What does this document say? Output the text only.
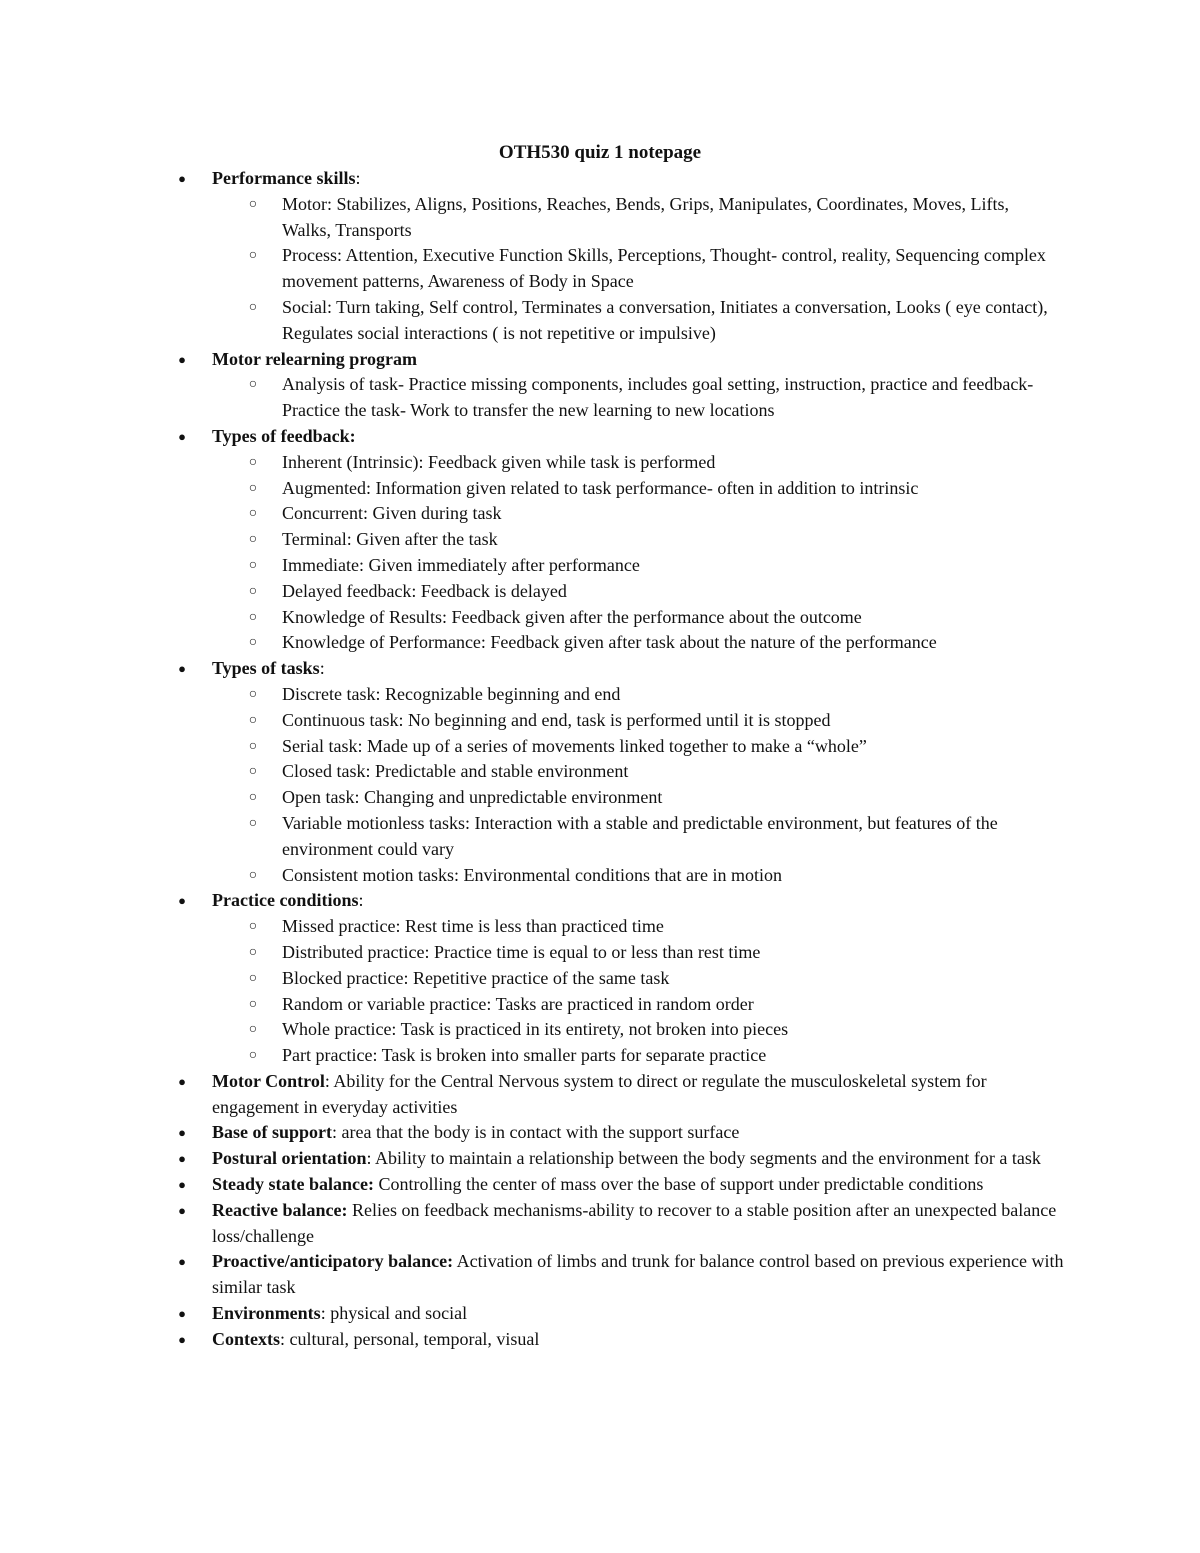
OTH530 quiz 1 notepage
● Performance skills:
○ Motor: Stabilizes, Aligns, Positions, Reaches, Bends, Grips, Manipulates, Coordinates, Moves, Lifts, Walks, Transports
○ Process: Attention, Executive Function Skills, Perceptions, Thought- control, reality, Sequencing complex movement patterns, Awareness of Body in Space
○ Social: Turn taking, Self control, Terminates a conversation, Initiates a conversation, Looks ( eye contact), Regulates social interactions ( is not repetitive or impulsive)
● Motor relearning program
○ Analysis of task- Practice missing components, includes goal setting, instruction, practice and feedback- Practice the task- Work to transfer the new learning to new locations
● Types of feedback:
○ Inherent (Intrinsic): Feedback given while task is performed
○ Augmented: Information given related to task performance- often in addition to intrinsic
○ Concurrent: Given during task
○ Terminal: Given after the task
○ Immediate: Given immediately after performance
○ Delayed feedback: Feedback is delayed
○ Knowledge of Results: Feedback given after the performance about the outcome
○ Knowledge of Performance: Feedback given after task about the nature of the performance
● Types of tasks:
○ Discrete task: Recognizable beginning and end
○ Continuous task: No beginning and end, task is performed until it is stopped
○ Serial task: Made up of a series of movements linked together to make a “whole”
○ Closed task: Predictable and stable environment
○ Open task: Changing and unpredictable environment
○ Variable motionless tasks: Interaction with a stable and predictable environment, but features of the environment could vary
○ Consistent motion tasks: Environmental conditions that are in motion
● Practice conditions:
○ Missed practice: Rest time is less than practiced time
○ Distributed practice: Practice time is equal to or less than rest time
○ Blocked practice: Repetitive practice of the same task
○ Random or variable practice: Tasks are practiced in random order
○ Whole practice: Task is practiced in its entirety, not broken into pieces
○ Part practice: Task is broken into smaller parts for separate practice
● Motor Control: Ability for the Central Nervous system to direct or regulate the musculoskeletal system for engagement in everyday activities
● Base of support: area that the body is in contact with the support surface
● Postural orientation: Ability to maintain a relationship between the body segments and the environment for a task
● Steady state balance: Controlling the center of mass over the base of support under predictable conditions
● Reactive balance: Relies on feedback mechanisms-ability to recover to a stable position after an unexpected balance loss/challenge
● Proactive/anticipatory balance: Activation of limbs and trunk for balance control based on previous experience with similar task
● Environments: physical and social
● Contexts: cultural, personal, temporal, visual
